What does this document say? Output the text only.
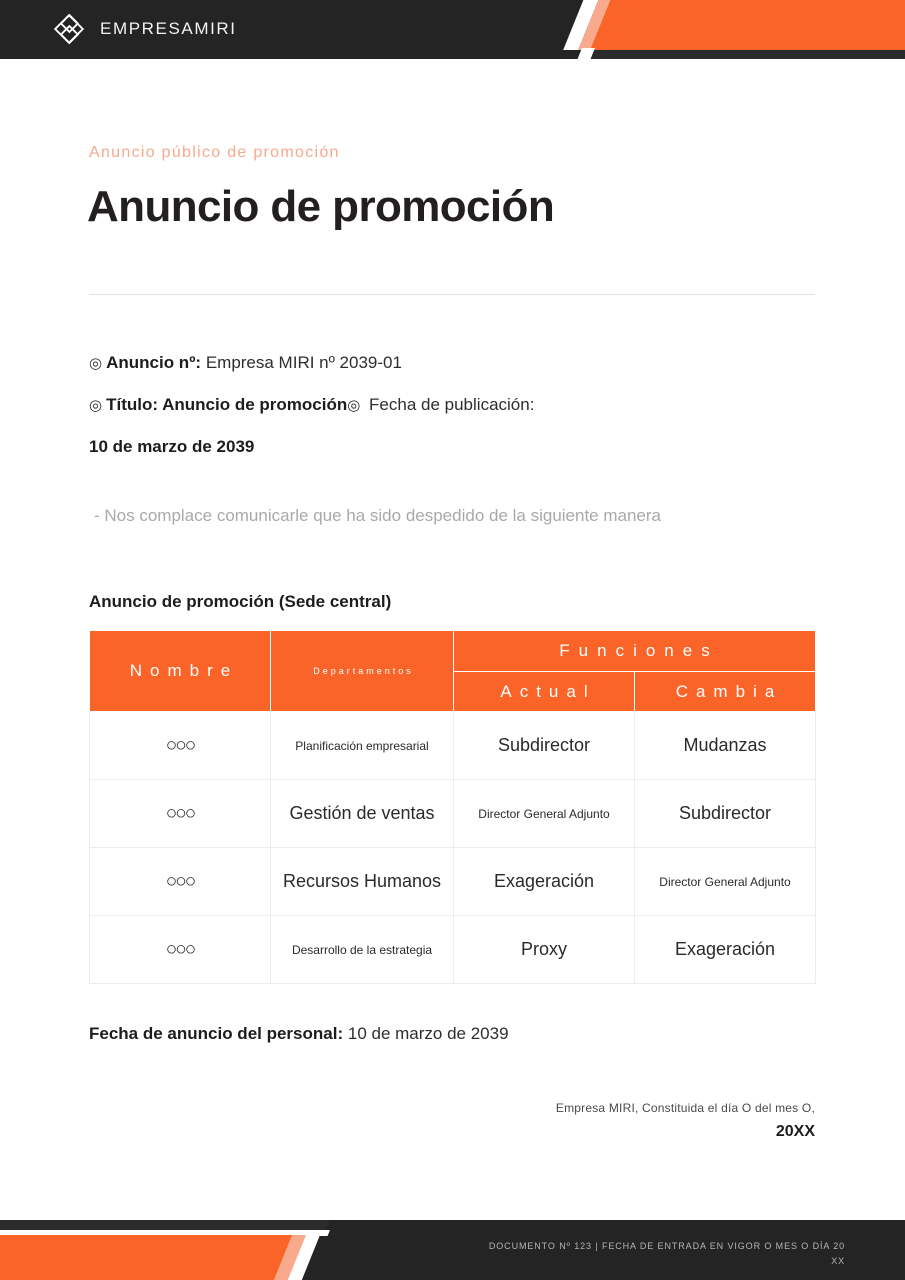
EMPRESAMIRI
Anuncio público de promoción
Anuncio de promoción
◎ Anuncio nº: Empresa MIRI nº 2039-01
◎ Título: Anuncio de promoción◎ Fecha de publicación:
10 de marzo de 2039
- Nos complace comunicarle que ha sido despedido de la siguiente manera
Anuncio de promoción (Sede central)
Nombre	Departamentos	Funciones	
		Actual	Cambia
○○○	Planificación empresarial	Subdirector	Mudanzas
○○○	Gestión de ventas	Director General Adjunto	Subdirector
○○○	Recursos Humanos	Exageración	Director General Adjunto
○○○	Desarrollo de la estrategia	Proxy	Exageración
Fecha de anuncio del personal: 10 de marzo de 2039
Empresa MIRI, Constituida el día O del mes O,
20XX
DOCUMENTO Nº 123 | FECHA DE ENTRADA EN VIGOR O MES O DÍA 20
XX
